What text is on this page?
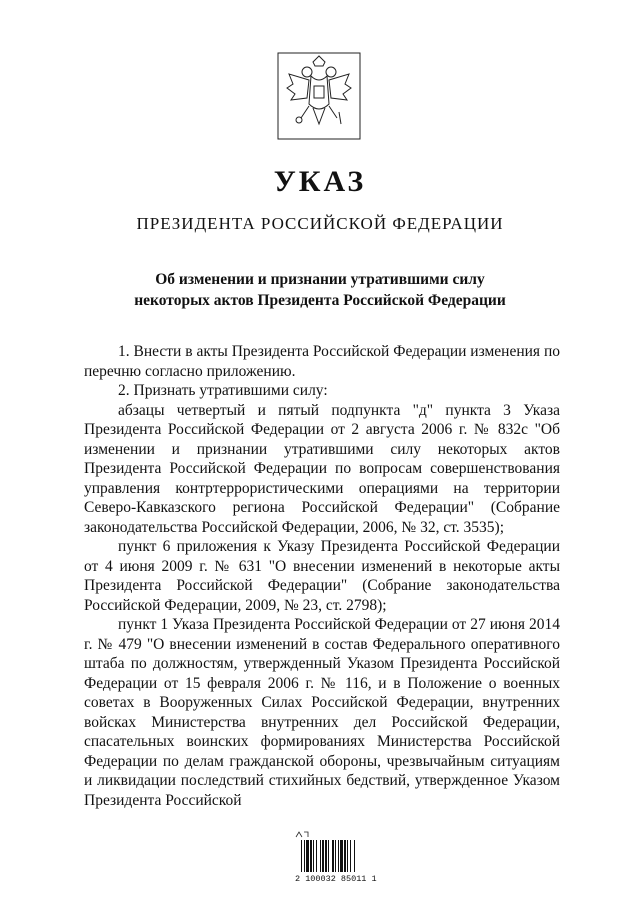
УКАЗ
ПРЕЗИДЕНТА РОССИЙСКОЙ ФЕДЕРАЦИИ
Об изменении и признании утратившими силу
некоторых актов Президента Российской Федерации

1. Внести в акты Президента Российской Федерации изменения по перечню согласно приложению.

2. Признать утратившими силу:

абзацы четвертый и пятый подпункта "д" пункта 3 Указа Президента Российской Федерации от 2 августа 2006 г. № 832с "Об изменении и признании утратившими силу некоторых актов Президента Российской Федерации по вопросам совершенствования управления контртеррористическими операциями на территории Северо-Кавказского региона Российской Федерации" (Собрание законодательства Российской Федерации, 2006, № 32, ст. 3535);

пункт 6 приложения к Указу Президента Российской Федерации от 4 июня 2009 г. № 631 "О внесении изменений в некоторые акты Президента Российской Федерации" (Собрание законодательства Российской Федерации, 2009, № 23, ст. 2798);

пункт 1 Указа Президента Российской Федерации от 27 июня 2014 г. № 479 "О внесении изменений в состав Федерального оперативного штаба по должностям, утвержденный Указом Президента Российской Федерации от 15 февраля 2006 г. № 116, и в Положение о военных советах в Вооруженных Силах Российской Федерации, внутренних войсках Министерства внутренних дел Российской Федерации, спасательных воинских формированиях Министерства Российской Федерации по делам гражданской обороны, чрезвычайным ситуациям и ликвидации последствий стихийных бедствий, утвержденное Указом Президента Российской

2 100032 85011 1
